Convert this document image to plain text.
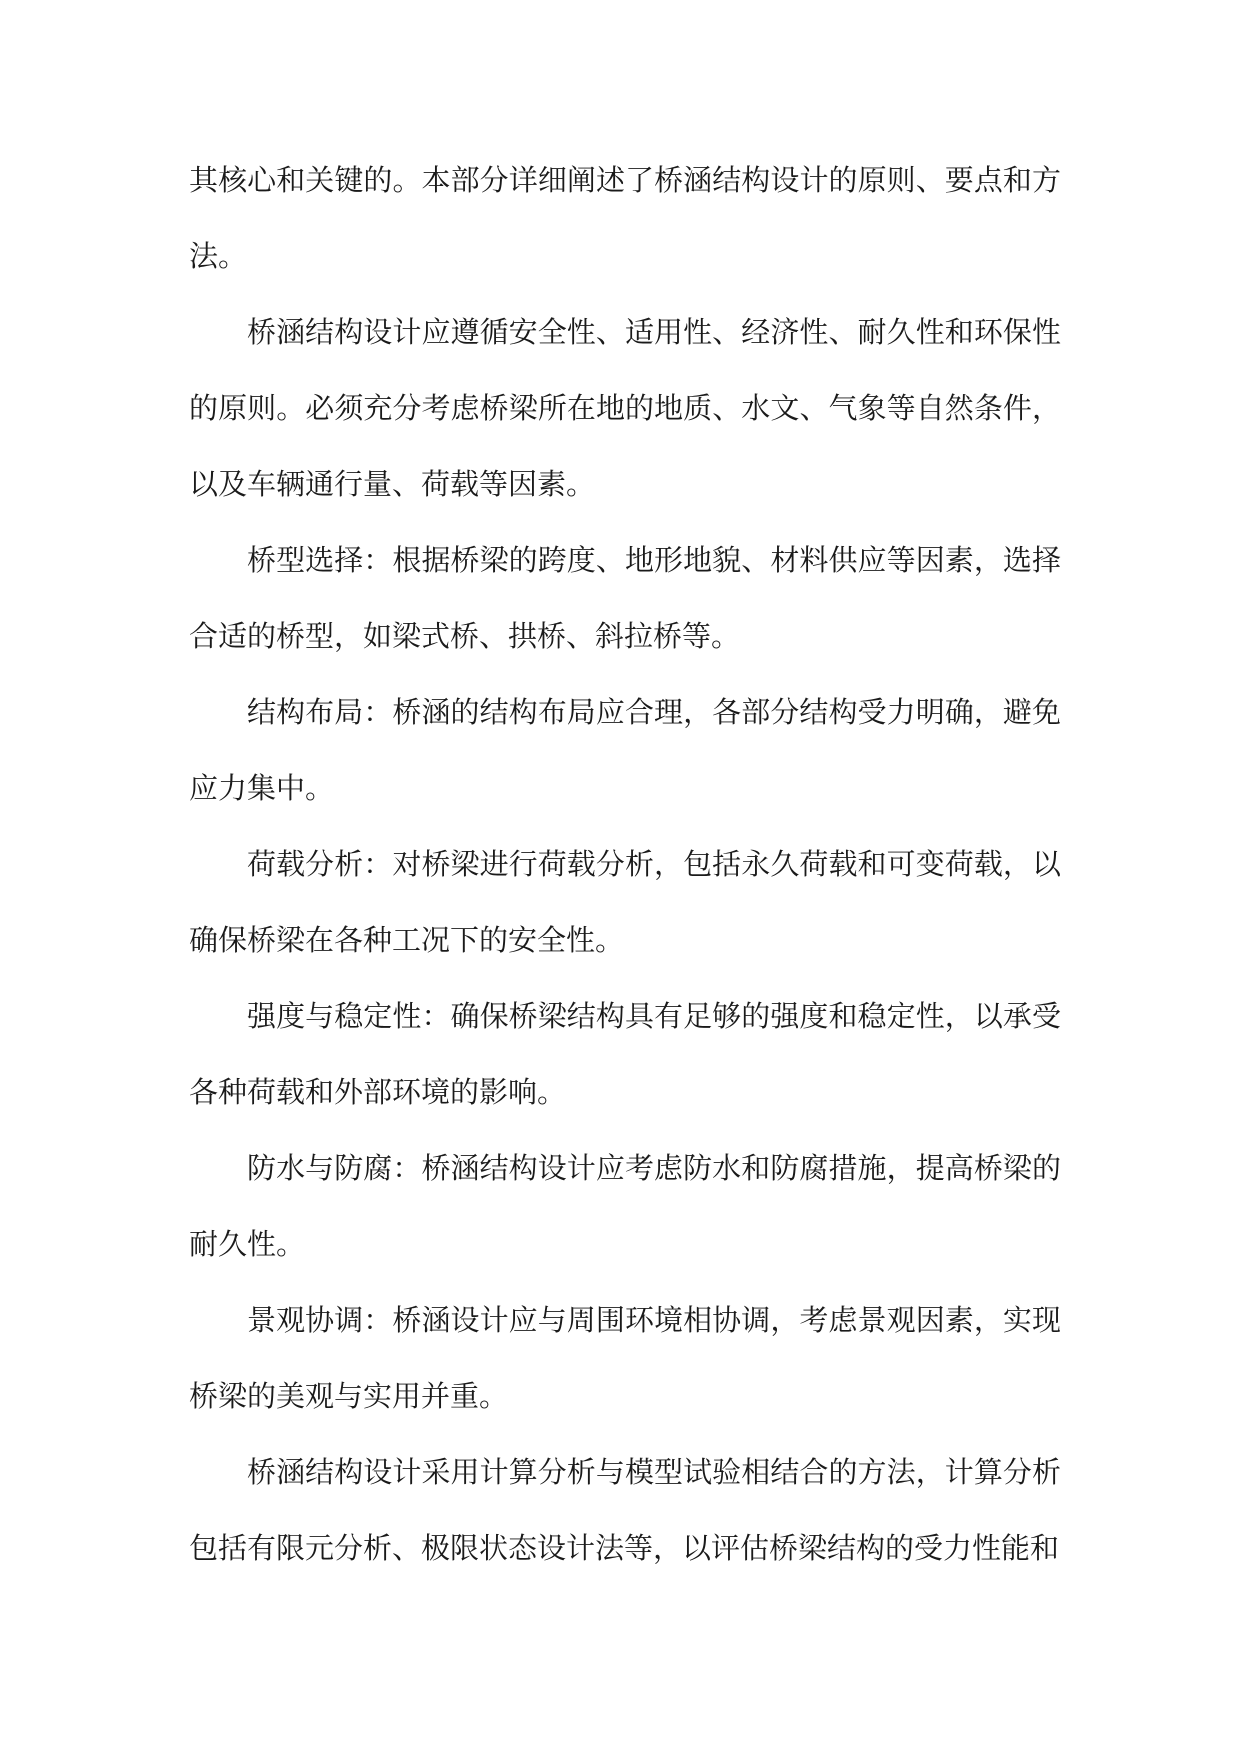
其核心和关键的。本部分详细阐述了桥涵结构设计的原则、要点和方法。

桥涵结构设计应遵循安全性、适用性、经济性、耐久性和环保性的原则。必须充分考虑桥梁所在地的地质、水文、气象等自然条件，以及车辆通行量、荷载等因素。

桥型选择：根据桥梁的跨度、地形地貌、材料供应等因素，选择合适的桥型，如梁式桥、拱桥、斜拉桥等。

结构布局：桥涵的结构布局应合理，各部分结构受力明确，避免应力集中。

荷载分析：对桥梁进行荷载分析，包括永久荷载和可变荷载，以确保桥梁在各种工况下的安全性。

强度与稳定性：确保桥梁结构具有足够的强度和稳定性，以承受各种荷载和外部环境的影响。

防水与防腐：桥涵结构设计应考虑防水和防腐措施，提高桥梁的耐久性。

景观协调：桥涵设计应与周围环境相协调，考虑景观因素，实现桥梁的美观与实用并重。

桥涵结构设计采用计算分析与模型试验相结合的方法，计算分析包括有限元分析、极限状态设计法等，以评估桥梁结构的受力性能和
